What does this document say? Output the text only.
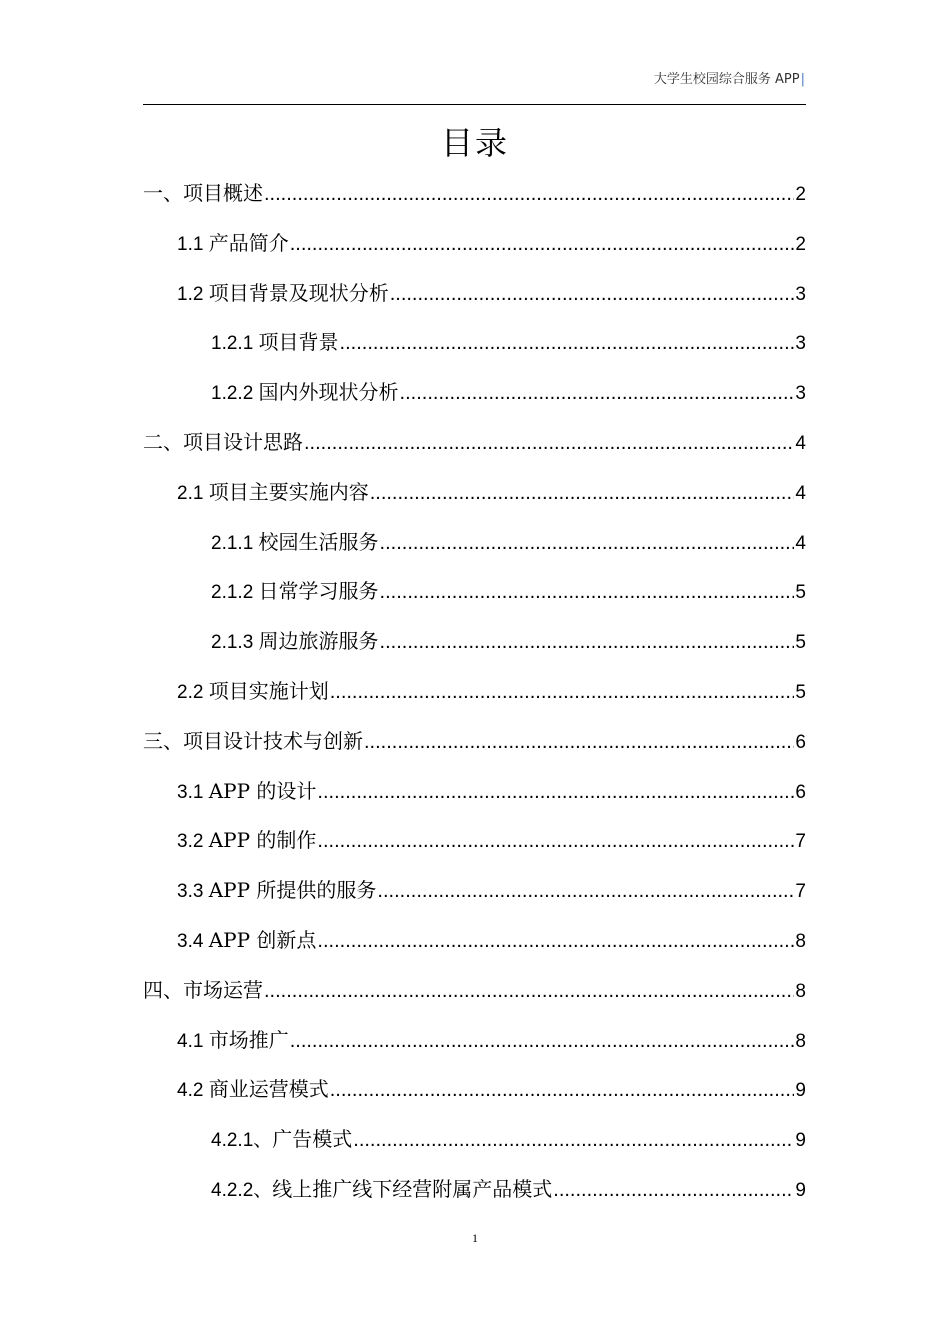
大学生校园综合服务 APP|
目录
一、项目概述 .....	2
1.1 产品简介 .....	2
1.2 项目背景及现状分析 .....	3
1.2.1 项目背景 .....	3
1.2.2 国内外现状分析 .....	3
二、项目设计思路 .....	4
2.1 项目主要实施内容 .....	4
2.1.1 校园生活服务 .....	4
2.1.2 日常学习服务 .....	5
2.1.3 周边旅游服务 .....	5
2.2 项目实施计划 .....	5
三、项目设计技术与创新 .....	6
3.1 APP 的设计 .....	6
3.2 APP 的制作 .....	7
3.3 APP 所提供的服务 .....	7
3.4 APP 创新点 .....	8
四、市场运营 .....	8
4.1 市场推广 .....	8
4.2 商业运营模式 .....	9
4.2.1、广告模式 .....	9
4.2.2、线上推广线下经营附属产品模式 .....	9
1
